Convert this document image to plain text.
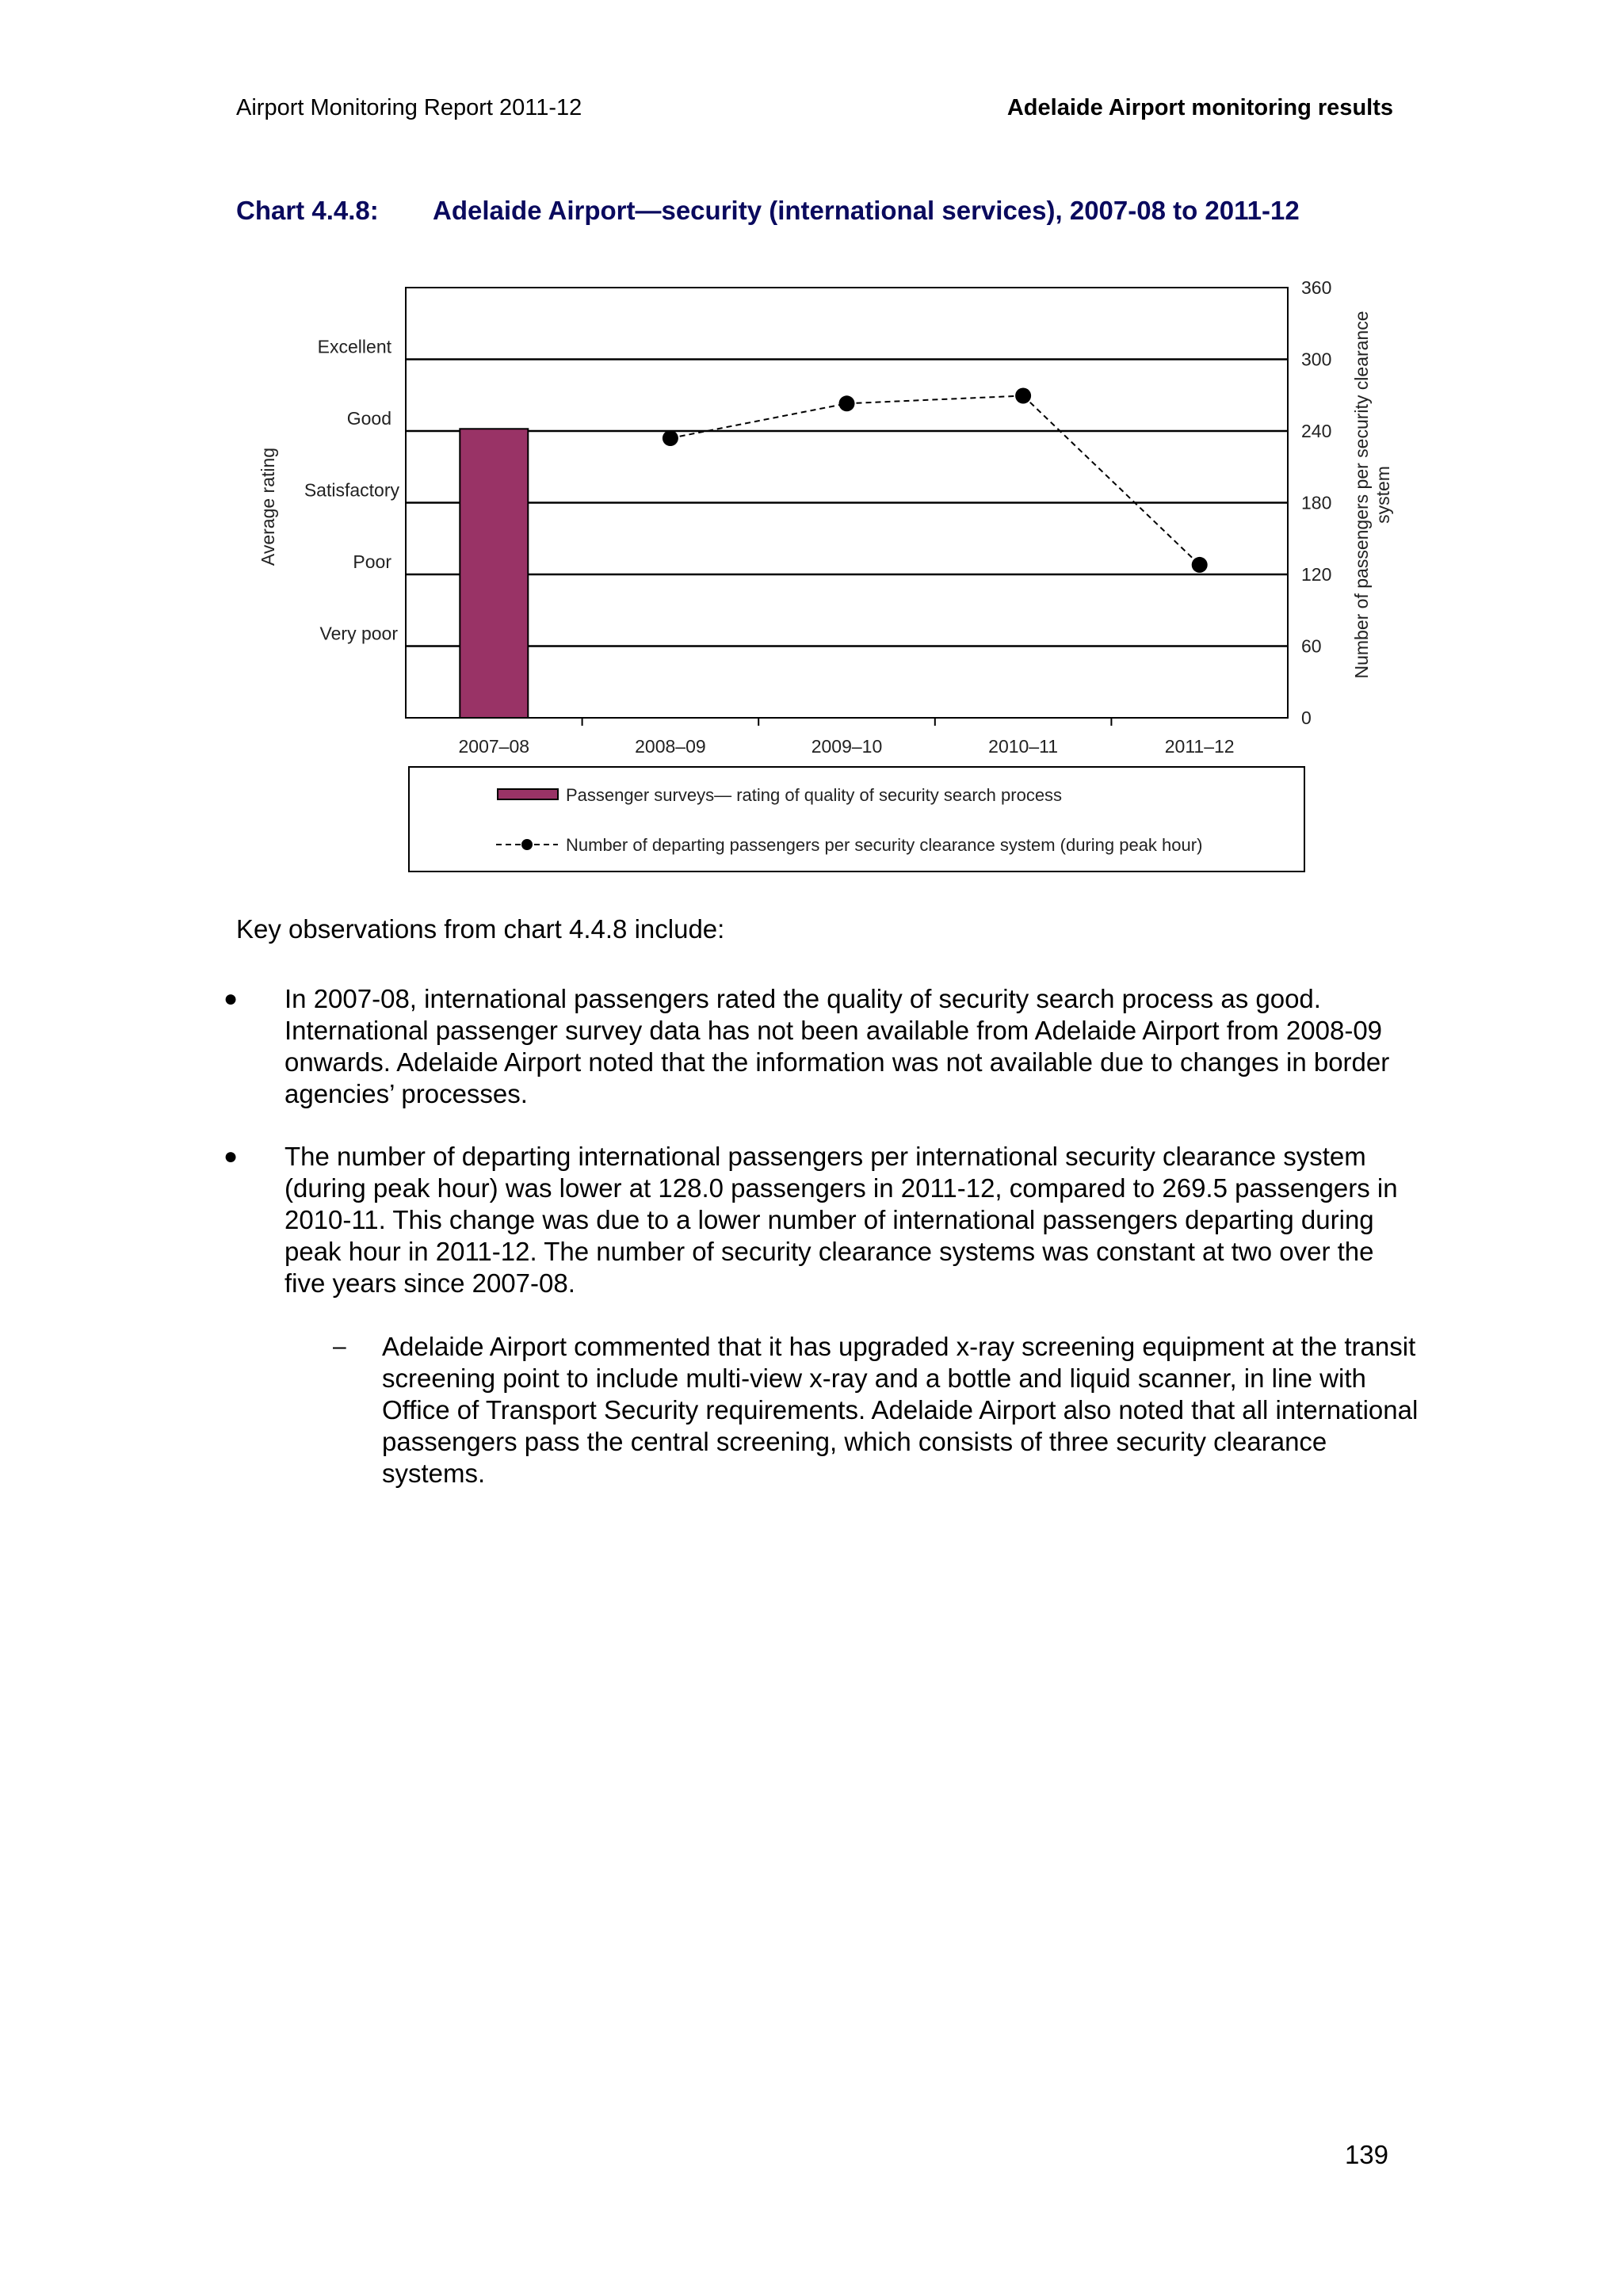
Airport Monitoring Report 2011-12	Adelaide Airport monitoring results
Chart 4.4.8: Adelaide Airport—security (international services), 2007-08 to 2011-12
2007–08	2008–09	2009–10	2010–11	2011–12
0
60
120
180
240
300
360
Very poor
Poor
Satisfactory
Good
Excellent
Average rating	Number of passengers per security clearance system
Passenger surveys— rating of quality of security search process
Number of departing passengers per security clearance system (during peak hour)
Key observations from chart 4.4.8 include:
● In 2007-08, international passengers rated the quality of security search process as good. International passenger survey data has not been available from Adelaide Airport from 2008-09 onwards. Adelaide Airport noted that the information was not available due to changes in border agencies’ processes.
● The number of departing international passengers per international security clearance system (during peak hour) was lower at 128.0 passengers in 2011-12, compared to 269.5 passengers in 2010-11. This change was due to a lower number of international passengers departing during peak hour in 2011-12. The number of security clearance systems was constant at two over the five years since 2007-08.
– Adelaide Airport commented that it has upgraded x-ray screening equipment at the transit screening point to include multi-view x-ray and a bottle and liquid scanner, in line with Office of Transport Security requirements. Adelaide Airport also noted that all international passengers pass the central screening, which consists of three security clearance systems.
139
